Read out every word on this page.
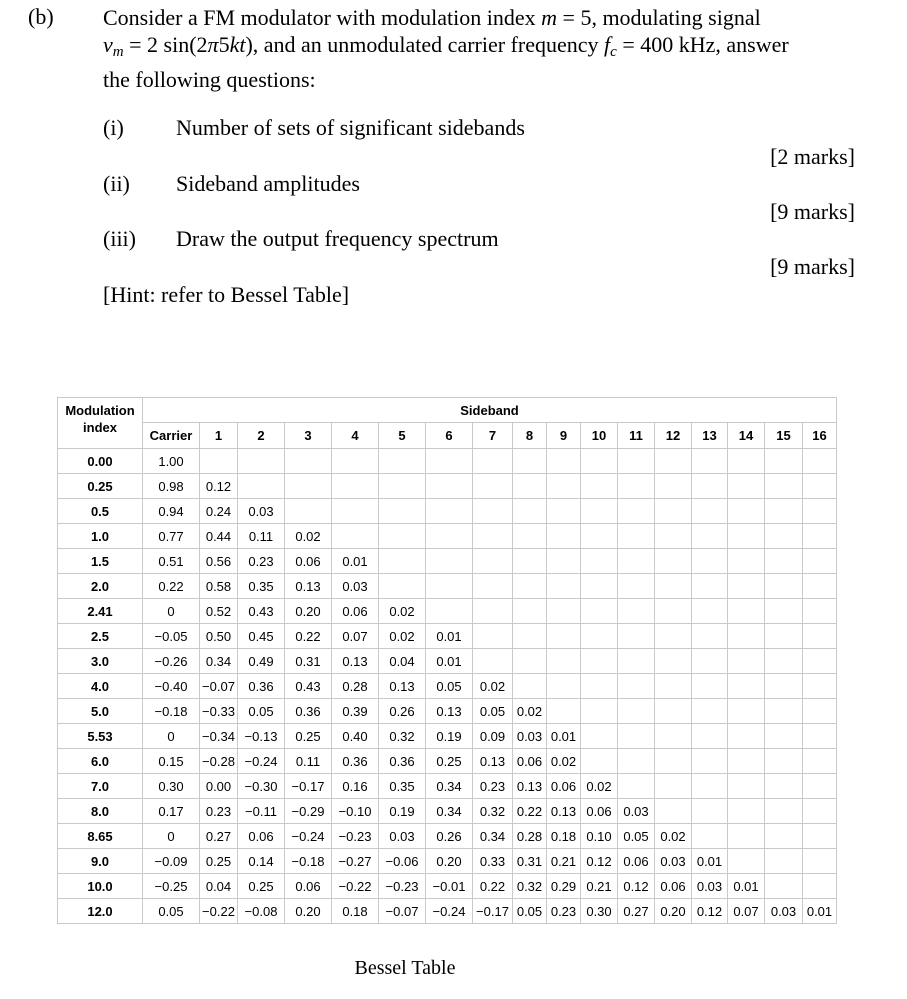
(b) Consider a FM modulator with modulation index m = 5, modulating signal
$v_m = 2$ sin(2π5kt), and an unmodulated carrier frequency $f_c = 400$ kHz, answer
the following questions:
(i) Number of sets of significant sidebands
[2 marks]
(ii) Sideband amplitudes
[9 marks]
(iii) Draw the output frequency spectrum
[9 marks]
[Hint: refer to Bessel Table]
Modulation
index	Sideband																
	Carrier	1	2	3	4	5	6	7	8	9	10	11	12	13	14	15	16
0.00	1.00																
0.25	0.98	0.12															
0.5	0.94	0.24	0.03														
1.0	0.77	0.44	0.11	0.02													
1.5	0.51	0.56	0.23	0.06	0.01												
2.0	0.22	0.58	0.35	0.13	0.03												
2.41	0	0.52	0.43	0.20	0.06	0.02											
2.5	−0.05	0.50	0.45	0.22	0.07	0.02	0.01										
3.0	−0.26	0.34	0.49	0.31	0.13	0.04	0.01										
4.0	−0.40	−0.07	0.36	0.43	0.28	0.13	0.05	0.02									
5.0	−0.18	−0.33	0.05	0.36	0.39	0.26	0.13	0.05	0.02								
5.53	0	−0.34	−0.13	0.25	0.40	0.32	0.19	0.09	0.03	0.01							
6.0	0.15	−0.28	−0.24	0.11	0.36	0.36	0.25	0.13	0.06	0.02							
7.0	0.30	0.00	−0.30	−0.17	0.16	0.35	0.34	0.23	0.13	0.06	0.02						
8.0	0.17	0.23	−0.11	−0.29	−0.10	0.19	0.34	0.32	0.22	0.13	0.06	0.03					
8.65	0	0.27	0.06	−0.24	−0.23	0.03	0.26	0.34	0.28	0.18	0.10	0.05	0.02				
9.0	−0.09	0.25	0.14	−0.18	−0.27	−0.06	0.20	0.33	0.31	0.21	0.12	0.06	0.03	0.01			
10.0	−0.25	0.04	0.25	0.06	−0.22	−0.23	−0.01	0.22	0.32	0.29	0.21	0.12	0.06	0.03	0.01		
12.0	0.05	−0.22	−0.08	0.20	0.18	−0.07	−0.24	−0.17	0.05	0.23	0.30	0.27	0.20	0.12	0.07	0.03	0.01
Bessel Table
